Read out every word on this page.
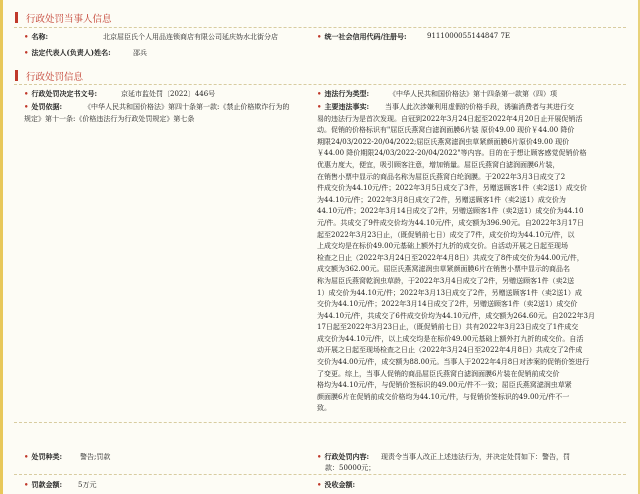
行政处罚当事人信息
• 名称:	北京屈臣氏个人用品连锁商店有限公司延庆妫水北街分店	• 统一社会信用代码/注册号:	9111000055144847 7E
• 法定代表人(负责人)姓名:	邵兵
行政处罚信息
• 行政处罚决定书文号:	京延市监处罚〔2022〕446号	• 违法行为类型:	《中华人民共和国价格法》第十四条第一款第（四）项
• 处罚依据:	《中华人民共和国价格法》第四十条第一款:《禁止价格欺诈行为的
规定》第十一条:《价格违法行为行政处罚规定》第七条
• 主要违法事实:	当事人此次涉嫌利用虚假的价格手段，诱骗消费者与其进行交
易的违法行为是首次发现。自冠到2022年3月24日起至2022年4月20日止开展促销活
动。促销的价格标识有"屈臣氏燕窝白滤润面膜6片装 原价49.00 现价￥44.00 降价
期限24/03/2022-20/04/2022;屈臣氏燕窝滤润虫草紧颜面膜6片原价49.00 现价
￥44.00 降价期限24/03/2022-20/04/2022"等内容。目的在于想让顾客感觉促销价格
优惠力度大，便宜，吸引顾客注意，增加销量。屈臣氏燕窝白滤润面膜6片装，
在销售小票中显示的商品名称为屈臣氏燕窝白纶润膜。于2022年3月3日成交了2
件成交价为44.10元/件；2022年3月5日成交了3件，另赠送顾客1件（卖2送1）成交价
为44.10元/件；2022年3月8日成交了2件，另赠送顾客1件（卖2送1）成交价为
44.10元/件；2022年3月14日成交了2件，另赠送顾客1件（卖2送1）成交价为44.10
元/件。共成交了9件成交价均为44.10元/件，成交额为396.90元。自2022年3月17日
起至2022年3月23日止，（既促销前七日）成交了7件，成交价均为44.10元/件，以
上成交均是在标价49.00元基础上额外打九折的成交价。自活动开展之日起至现场
检查之日止（2022年3月24日至2022年4月8日）共成交了8件成交价为44.00元/件，
成交额为362.00元。屈臣氏燕窝滤润虫草紧颜面膜6片在销售小票中显示的商品名
称为屈臣氏燕窝乾润虫草龄，于2022年3月4日成交了2件，另赠送顾客1件（卖2送
1）成交价为44.10元/件；2022年3月13日成交了2件，另赠送顾客1件（卖2送1）成
交价为44.10元/件；2022年3月14日成交了2件，另赠送顾客1件（卖2送1）成交价
为44.10元/件，共成交了6件成交价均为44.10元/件，成交额为264.60元。自2022年3月
17日起至2022年3月23日止，（既促销前七日）共有2022年3月23日成交了1件成交
成交价为44.10元/件，以上成交均是在标价49.00元基础上额外打九折的成交价。自活
动开展之日起至现场检查之日止（2022年3月24日至2022年4月8日）共成交了2件成
交价为44.00元/件，成交额为88.00元。当事人于2022年4月8日对涉案的促销价签进行
了变更。综上，当事人促销的商品屈臣氏燕窝白滤润面膜6片装在促销前成交价
格均为44.10元/件，与促销价签标识的49.00元/件不一致；屈臣氏燕窝滤润虫草紧
颜面膜6片在促销前成交价格均为44.10元/件，与促销价签标识的49.00元/件不一
致。
• 处罚种类:	警告;罚款	• 行政处罚内容: 现责令当事人改正上述违法行为，并决定处罚如下：警告，罚
款：50000元；
• 罚款金额: 5万元	• 没收金额:
